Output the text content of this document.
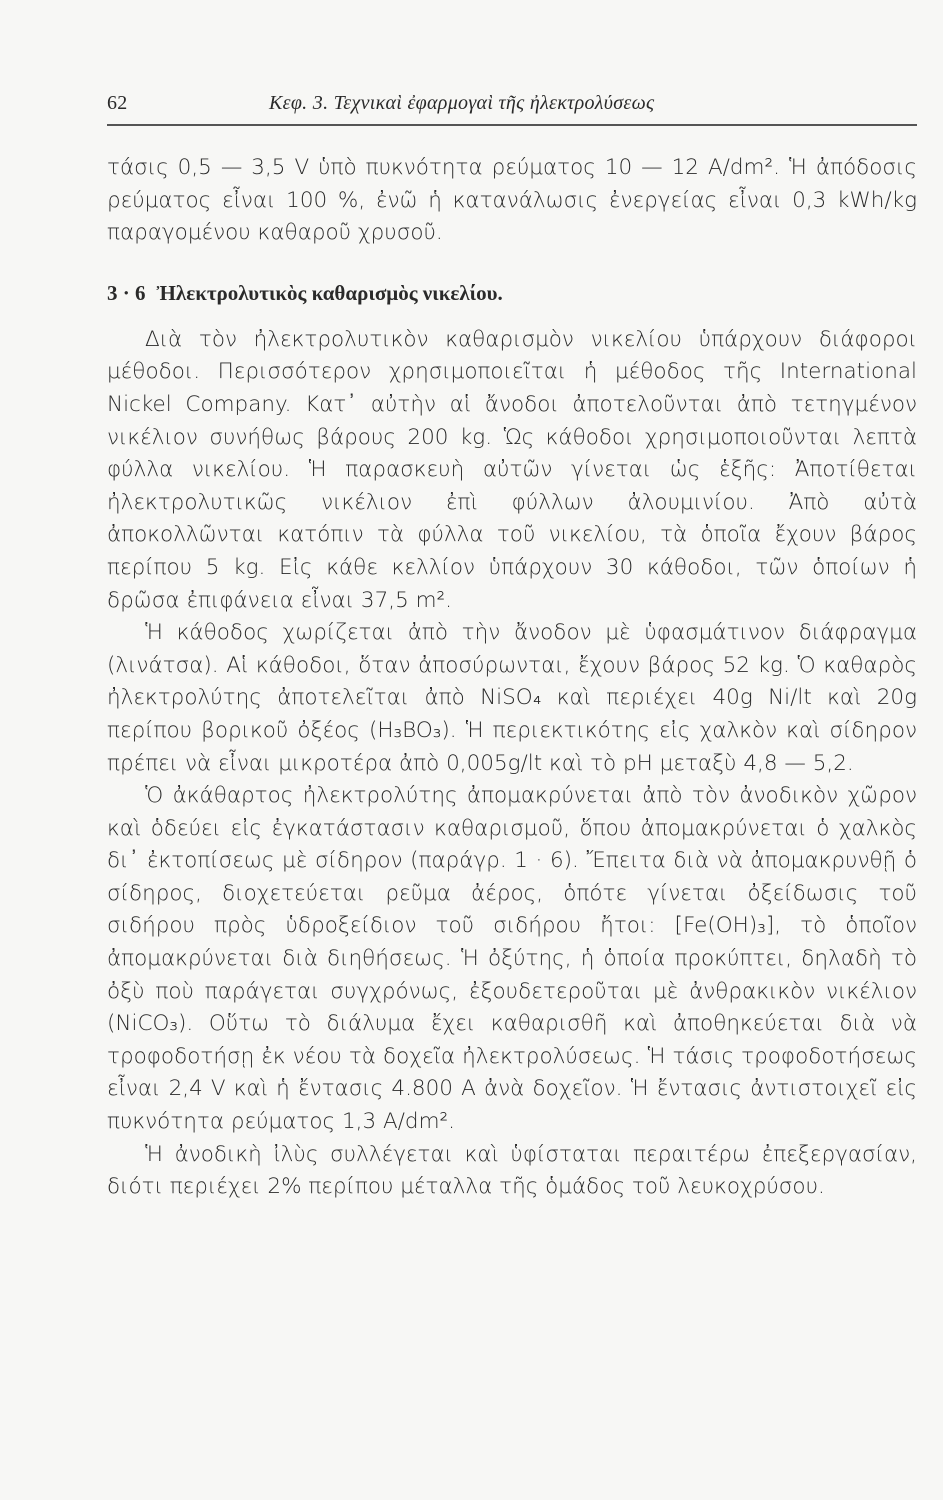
62	Κεφ. 3. Τεχνικαὶ ἐφαρμογαὶ τῆς ἠλεκτρολύσεως

τάσις 0,5 — 3,5 V ὑπὸ πυκνότητα ρεύματος 10 — 12 A/dm². Ἡ ἀπόδοσις ρεύματος εἶναι 100 %, ἐνῶ ἡ κατανάλωσις ἐνεργείας εἶναι 0,3 kWh/kg παραγομένου καθαροῦ χρυσοῦ.

3 · 6 Ἠλεκτρολυτικὸς καθαρισμὸς νικελίου.

Διὰ τὸν ἠλεκτρολυτικὸν καθαρισμὸν νικελίου ὑπάρχουν διάφοροι μέθοδοι. Περισσότερον χρησιμοποιεῖται ἡ μέθοδος τῆς International Nickel Company. Κατ᾽ αὐτὴν αἱ ἄνοδοι ἀποτελοῦνται ἀπὸ τετηγμένον νικέλιον συνήθως βάρους 200 kg. Ὡς κάθοδοι χρησιμοποιοῦνται λεπτὰ φύλλα νικελίου. Ἡ παρασκευὴ αὐτῶν γίνεται ὡς ἑξῆς: Ἀποτίθεται ἠλεκτρολυτικῶς νικέλιον ἐπὶ φύλλων ἀλουμινίου. Ἀπὸ αὐτὰ ἀποκολλῶνται κατόπιν τὰ φύλλα τοῦ νικελίου, τὰ ὁποῖα ἔχουν βάρος περίπου 5 kg. Εἰς κάθε κελλίον ὑπάρχουν 30 κάθοδοι, τῶν ὁποίων ἡ δρῶσα ἐπιφάνεια εἶναι 37,5 m².

Ἡ κάθοδος χωρίζεται ἀπὸ τὴν ἄνοδον μὲ ὑφασμάτινον διάφραγμα (λινάτσα). Αἱ κάθοδοι, ὅταν ἀποσύρωνται, ἔχουν βάρος 52 kg. Ὁ καθαρὸς ἠλεκτρολύτης ἀποτελεῖται ἀπὸ NiSO₄ καὶ περιέχει 40g Ni/lt καὶ 20g περίπου βορικοῦ ὀξέος (H₃BO₃). Ἡ περιεκτικότης εἰς χαλκὸν καὶ σίδηρον πρέπει νὰ εἶναι μικροτέρα ἀπὸ 0,005g/lt καὶ τὸ pH μεταξὺ 4,8 — 5,2.

Ὁ ἀκάθαρτος ἠλεκτρολύτης ἀπομακρύνεται ἀπὸ τὸν ἀνοδικὸν χῶρον καὶ ὁδεύει εἰς ἐγκατάστασιν καθαρισμοῦ, ὅπου ἀπομακρύνεται ὁ χαλκὸς δι᾽ ἐκτοπίσεως μὲ σίδηρον (παράγρ. 1 · 6). Ἔπειτα διὰ νὰ ἀπομακρυνθῇ ὁ σίδηρος, διοχετεύεται ρεῦμα ἀέρος, ὁπότε γίνεται ὀξείδωσις τοῦ σιδήρου πρὸς ὑδροξείδιον τοῦ σιδήρου ἤτοι: [Fe(OH)₃], τὸ ὁποῖον ἀπομακρύνεται διὰ διηθήσεως. Ἡ ὀξύτης, ἡ ὁποία προκύπτει, δηλαδὴ τὸ ὀξὺ ποὺ παράγεται συγχρόνως, ἐξουδετεροῦται μὲ ἀνθρακικὸν νικέλιον (NiCO₃). Οὕτω τὸ διάλυμα ἔχει καθαρισθῆ καὶ ἀποθηκεύεται διὰ νὰ τροφοδοτήσῃ ἐκ νέου τὰ δοχεῖα ἠλεκτρολύσεως. Ἡ τάσις τροφοδοτήσεως εἶναι 2,4 V καὶ ἡ ἔντασις 4.800 A ἀνὰ δοχεῖον. Ἡ ἔντασις ἀντιστοιχεῖ εἰς πυκνότητα ρεύματος 1,3 A/dm².

Ἡ ἀνοδικὴ ἰλὺς συλλέγεται καὶ ὑφίσταται περαιτέρω ἐπεξεργασίαν, διότι περιέχει 2% περίπου μέταλλα τῆς ὁμάδος τοῦ λευκοχρύσου.
